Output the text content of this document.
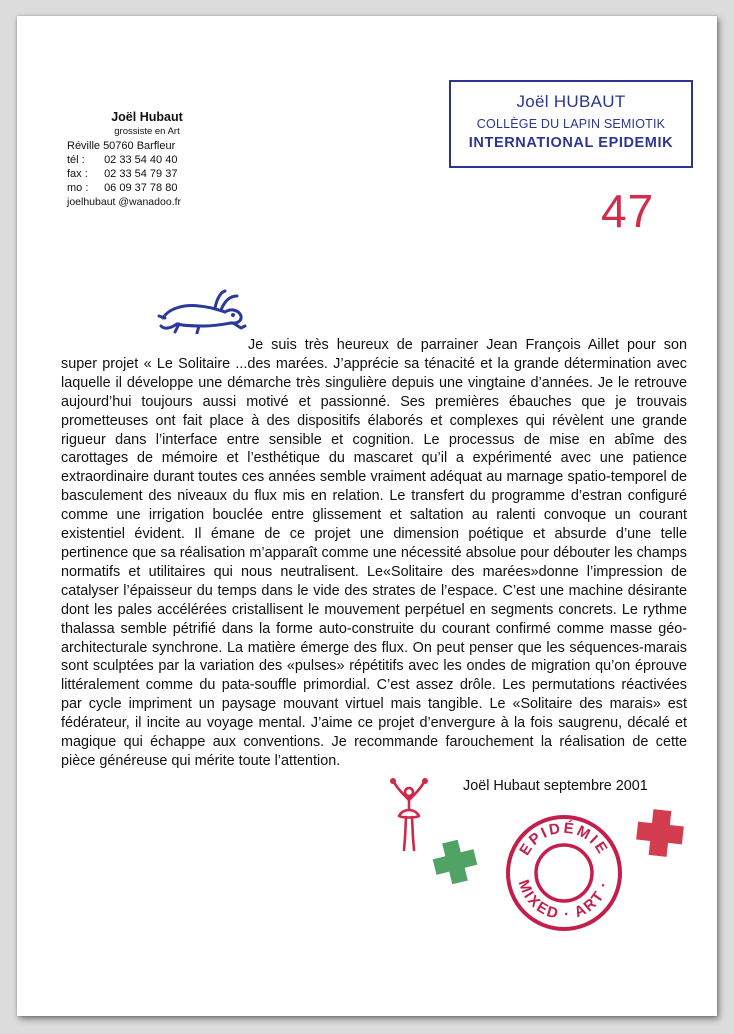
Joël Hubaut
grossiste en Art
Réville 50760 Barfleur
tél : 02 33 54 40 40
fax : 02 33 54 79 37
mo : 06 09 37 78 80
joelhubaut @wanadoo.fr
Joël HUBAUT
COLLÈGE DU LAPIN SEMIOTIK
INTERNATIONAL EPIDEMIK
47

Je suis très heureux de parrainer Jean François Aillet pour son super projet « Le Solitaire ...des marées. J’apprécie sa ténacité et la grande détermination avec laquelle il développe une démarche très singulière depuis une vingtaine d’années. Je le retrouve aujourd’hui toujours aussi motivé et passionné. Ses premières ébauches que je trouvais prometteuses ont fait place à des dispositifs élaborés et complexes qui révèlent une grande rigueur dans l’interface entre sensible et cognition. Le processus de mise en abîme des carottages de mémoire et l’esthétique du mascaret qu’il a expérimenté avec une patience extraordinaire durant toutes ces années semble vraiment adéquat au marnage spatio-temporel de basculement des niveaux du flux mis en relation. Le transfert du programme d’estran configuré comme une irrigation bouclée entre glissement et saltation au ralenti convoque un courant existentiel évident. Il émane de ce projet une dimension poétique et absurde d’une telle pertinence que sa réalisation m’apparaît comme une nécessité absolue pour débouter les champs normatifs et utilitaires qui nous neutralisent. Le«Solitaire des marées»donne l’impression de catalyser l’épaisseur du temps dans le vide des strates de l’espace. C’est une machine désirante dont les pales accélérées cristallisent le mouvement perpétuel en segments concrets. Le rythme thalassa semble pétrifié dans la forme auto-construite du courant confirmé comme masse géo-architecturale synchrone. La matière émerge des flux. On peut penser que les séquences-marais sont sculptées par la variation des «pulses» répétitifs avec les ondes de migration qu’on éprouve littéralement comme du pata-souffle primordial. C’est assez drôle. Les permutations réactivées par cycle impriment un paysage mouvant virtuel mais tangible. Le «Solitaire des marais» est fédérateur, il incite au voyage mental. J’aime ce projet d’envergure à la fois saugrenu, décalé et magique qui échappe aux conventions. Je recommande farouchement la réalisation de cette pièce généreuse qui mérite toute l’attention.

Joël Hubaut septembre 2001
EPIDÉMIE
MIXED · ART ·
